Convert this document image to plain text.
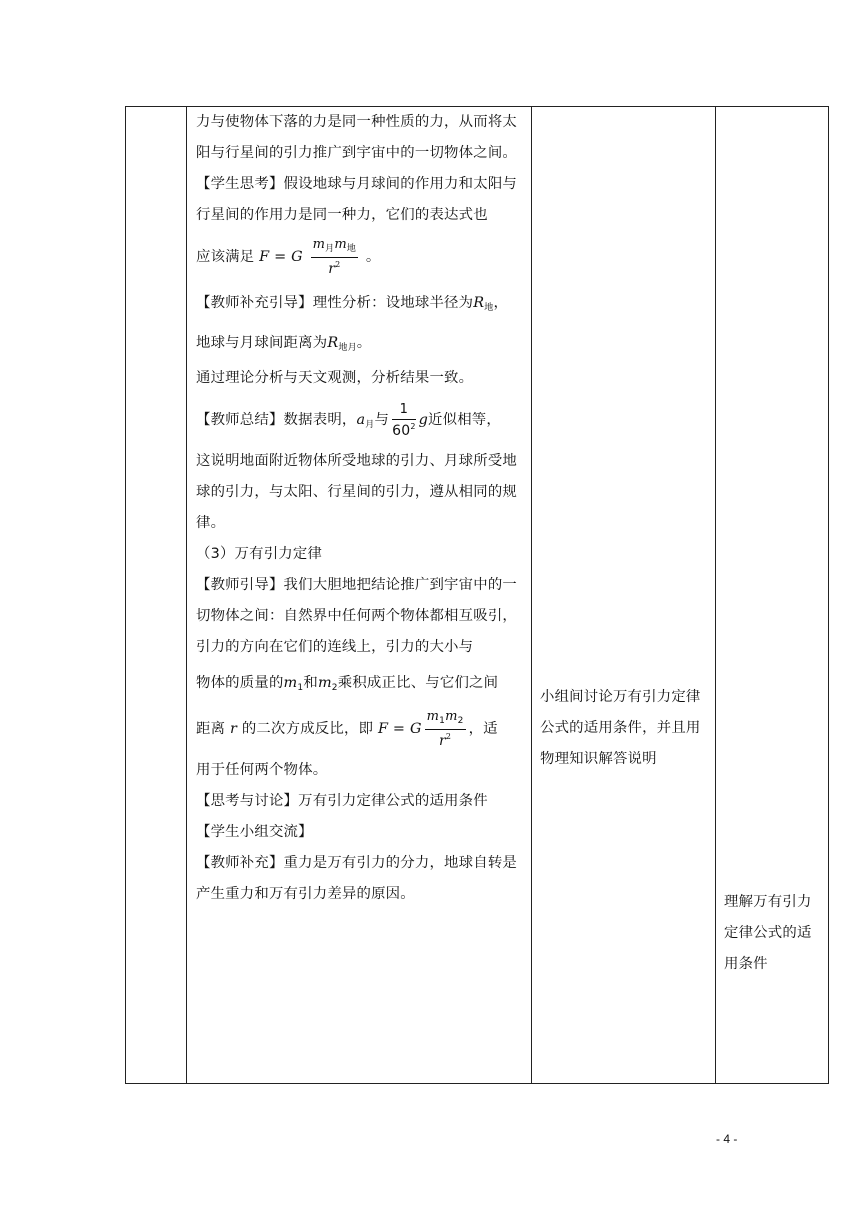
力与使物体下落的力是同一种性质的力，从而将太阳与行星间的引力推广到宇宙中的一切物体之间。

【学生思考】假设地球与月球间的作用力和太阳与行星间的作用力是同一种力，它们的表达式也

应该满足 F = G $\frac{m_月m_地}{r^2}$ 。

【教师补充引导】理性分析：设地球半径为$R_地$，

地球与月球间距离为$R_{地月}$。

通过理论分析与天文观测，分析结果一致。

【教师总结】数据表明，$a_月$与 $\frac{1}{60^2}$ g近似相等，

这说明地面附近物体所受地球的引力、月球所受地球的引力，与太阳、行星间的引力，遵从相同的规律。

（3）万有引力定律

【教师引导】我们大胆地把结论推广到宇宙中的一切物体之间：自然界中任何两个物体都相互吸引，引力的方向在它们的连线上，引力的大小与

物体的质量的$m_1$和$m_2$乘积成正比、与它们之间

距离 r 的二次方成反比，即 F = G $\frac{m_1m_2}{r^2}$ ，适

用于任何两个物体。

【思考与讨论】万有引力定律公式的适用条件

【学生小组交流】

【教师补充】重力是万有引力的分力，地球自转是产生重力和万有引力差异的原因。

小组间讨论万有引力定律公式的适用条件，并且用物理知识解答说明

理解万有引力定律公式的适用条件
- 4 -
